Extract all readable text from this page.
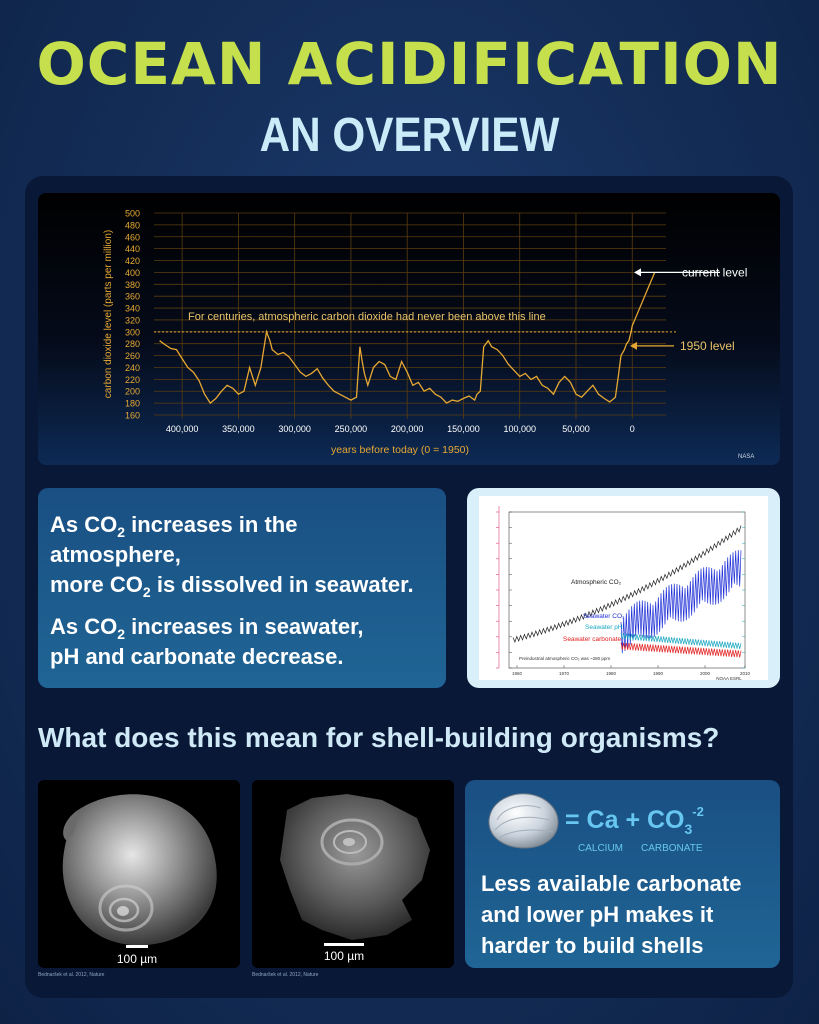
OCEAN ACIDIFICATION
AN OVERVIEW
160
180
200
220
240
260
280
300
320
340
360
380
400
420
440
460
480
500
400,000	350,000	300,000	250,000	200,000	150,000	100,000	50,000	0
carbon dioxide level (parts per million)
years before today (0 = 1950)
For centuries, atmospheric carbon dioxide had never been above this line
current level
1950 level
NASA

As $CO_2$ increases in the atmosphere,
more $CO_2$ is dissolved in seawater.

As $CO_2$ increases in seawater,
pH and carbonate decrease.

1960	1970	1980	1990	2000	2010
Atmospheric CO₂
Seawater CO₂
Seawater pH
Seawater carbonate
Preindustrial atmospheric CO₂ was ~280 ppm
NOAA ESRL
What does this mean for shell-building organisms?
100 µm
Bednaršek et al. 2012, Nature
100 µm
Bednaršek et al. 2012, Nature
= $Ca + CO_3^{-2}$
CALCIUM CARBONATE
Less available carbonate
and lower pH makes it
harder to build shells
